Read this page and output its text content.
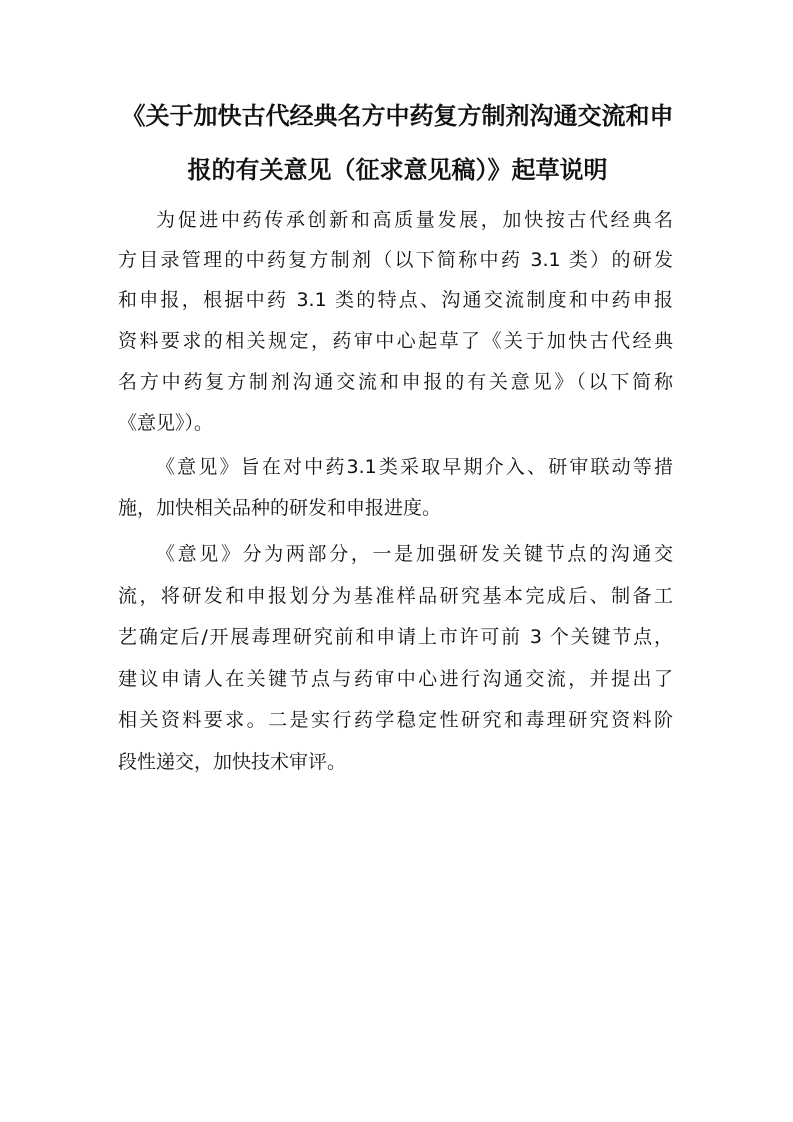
《关于加快古代经典名方中药复方制剂沟通交流和申
报的有关意见（征求意见稿）》起草说明
为促进中药传承创新和高质量发展，加快按古代经典名
方目录管理的中药复方制剂（以下简称中药 3.1 类）的研发
和申报，根据中药 3.1 类的特点、沟通交流制度和中药申报
资料要求的相关规定，药审中心起草了《关于加快古代经典
名方中药复方制剂沟通交流和申报的有关意见》（以下简称
《意见》）。
《意见》旨在对中药3.1类采取早期介入、研审联动等措
施，加快相关品种的研发和申报进度。
《意见》分为两部分，一是加强研发关键节点的沟通交
流，将研发和申报划分为基准样品研究基本完成后、制备工
艺确定后/开展毒理研究前和申请上市许可前 3 个关键节点，
建议申请人在关键节点与药审中心进行沟通交流，并提出了
相关资料要求。二是实行药学稳定性研究和毒理研究资料阶
段性递交，加快技术审评。
